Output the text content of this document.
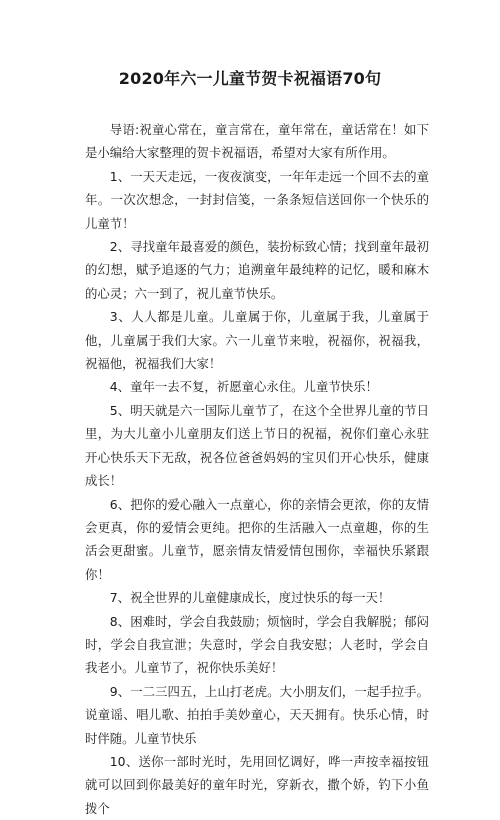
2020年六一儿童节贺卡祝福语70句

导语:祝童心常在，童言常在，童年常在，童话常在！如下是小编给大家整理的贺卡祝福语，希望对大家有所作用。

1、一天天走远，一夜夜演变，一年年走远一个回不去的童年。一次次想念，一封封信笺，一条条短信送回你一个快乐的儿童节！

2、寻找童年最喜爱的颜色，装扮标致心情；找到童年最初的幻想，赋予追逐的气力；追溯童年最纯粹的记忆，暖和麻木的心灵；六一到了，祝儿童节快乐。

3、人人都是儿童。儿童属于你，儿童属于我，儿童属于他，儿童属于我们大家。六一儿童节来啦，祝福你，祝福我，祝福他，祝福我们大家！

4、童年一去不复，祈愿童心永住。儿童节快乐！

5、明天就是六一国际儿童节了，在这个全世界儿童的节日里，为大儿童小儿童朋友们送上节日的祝福，祝你们童心永驻开心快乐天下无敌，祝各位爸爸妈妈的宝贝们开心快乐，健康成长！

6、把你的爱心融入一点童心，你的亲情会更浓，你的友情会更真，你的爱情会更纯。把你的生活融入一点童趣，你的生活会更甜蜜。儿童节，愿亲情友情爱情包围你，幸福快乐紧跟你！

7、祝全世界的儿童健康成长，度过快乐的每一天！

8、困难时，学会自我鼓励；烦恼时，学会自我解脱；郁闷时，学会自我宣泄；失意时，学会自我安慰；人老时，学会自我老小。儿童节了，祝你快乐美好！

9、一二三四五，上山打老虎。大小朋友们，一起手拉手。说童谣、唱儿歌、拍拍手美妙童心，天天拥有。快乐心情，时时伴随。儿童节快乐

10、送你一部时光时，先用回忆调好，哗一声按幸福按钮就可以回到你最美好的童年时光，穿新衣，撒个娇，钓下小鱼拨个
